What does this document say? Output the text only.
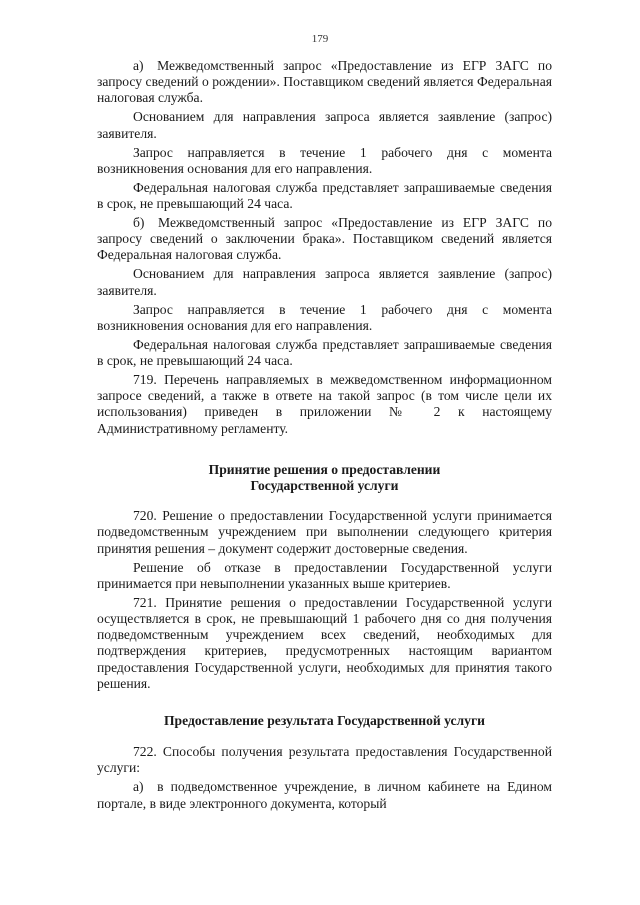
179

а) Межведомственный запрос «Предоставление из ЕГР ЗАГС по запросу сведений о рождении». Поставщиком сведений является Федеральная налоговая служба.

Основанием для направления запроса является заявление (запрос) заявителя.

Запрос направляется в течение 1 рабочего дня с момента возникновения основания для его направления.

Федеральная налоговая служба представляет запрашиваемые сведения в срок, не превышающий 24 часа.

б) Межведомственный запрос «Предоставление из ЕГР ЗАГС по запросу сведений о заключении брака». Поставщиком сведений является Федеральная налоговая служба.

Основанием для направления запроса является заявление (запрос) заявителя.

Запрос направляется в течение 1 рабочего дня с момента возникновения основания для его направления.

Федеральная налоговая служба представляет запрашиваемые сведения в срок, не превышающий 24 часа.

719. Перечень направляемых в межведомственном информационном запросе сведений, а также в ответе на такой запрос (в том числе цели их использования) приведен в приложении № 2 к настоящему Административному регламенту.

Принятие решения о предоставлении Государственной услуги

720. Решение о предоставлении Государственной услуги принимается подведомственным учреждением при выполнении следующего критерия принятия решения – документ содержит достоверные сведения.

Решение об отказе в предоставлении Государственной услуги принимается при невыполнении указанных выше критериев.

721. Принятие решения о предоставлении Государственной услуги осуществляется в срок, не превышающий 1 рабочего дня со дня получения подведомственным учреждением всех сведений, необходимых для подтверждения критериев, предусмотренных настоящим вариантом предоставления Государственной услуги, необходимых для принятия такого решения.

Предоставление результата Государственной услуги

722. Способы получения результата предоставления Государственной услуги:

а) в подведомственное учреждение, в личном кабинете на Едином портале, в виде электронного документа, который
